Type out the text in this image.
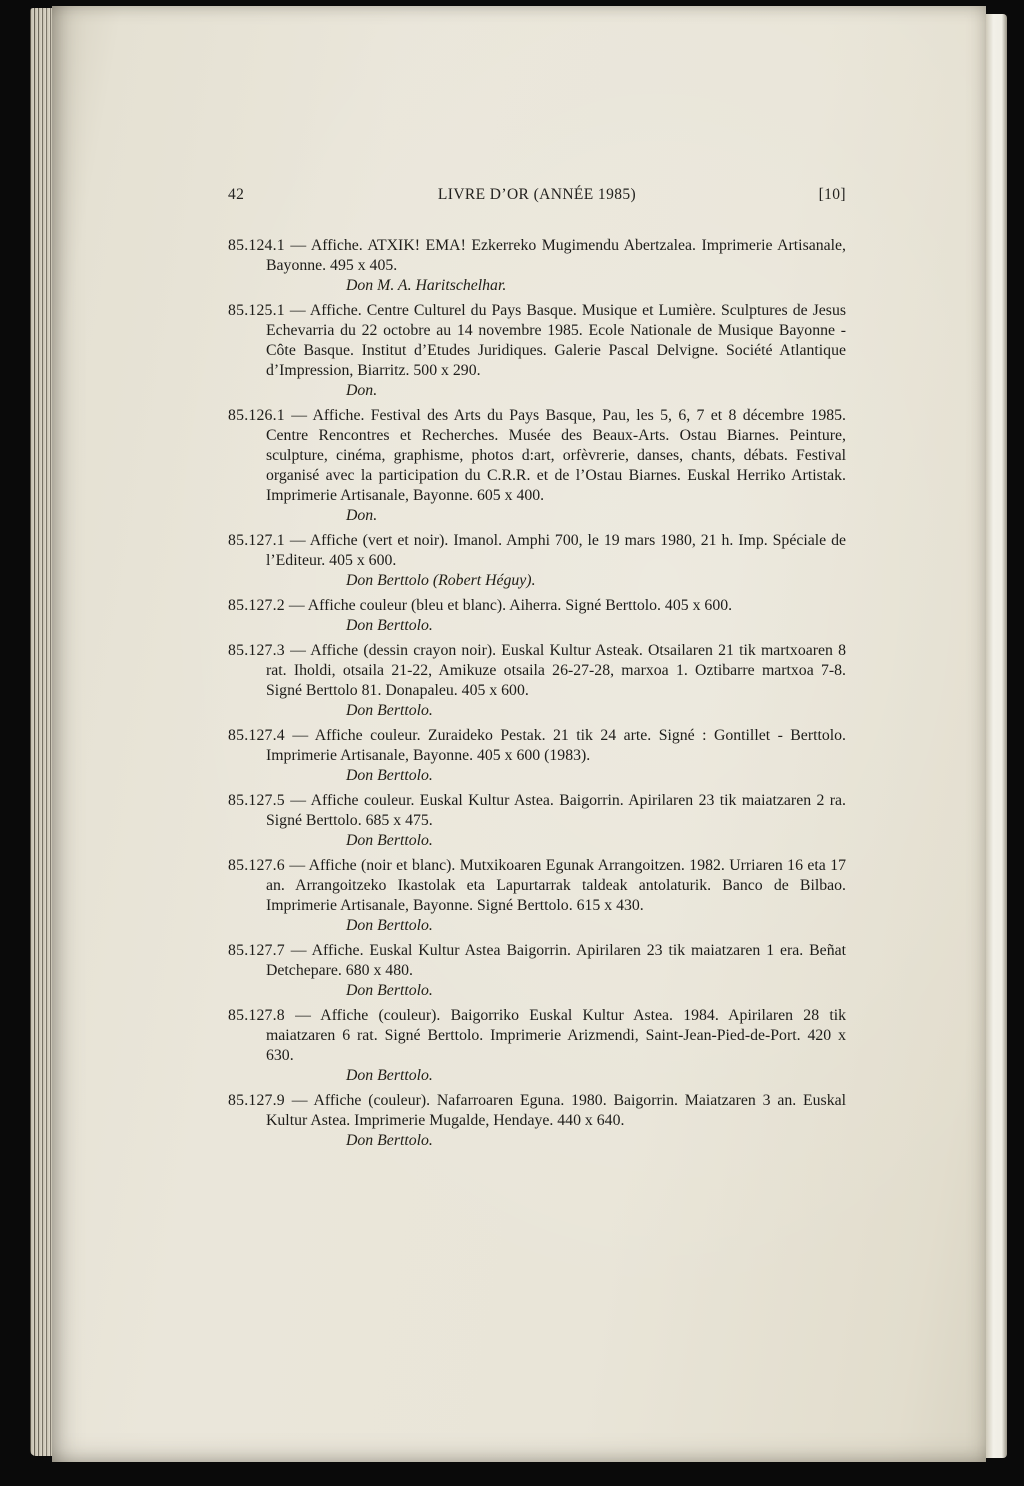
42	LIVRE D’OR (ANNÉE 1985)	[10]

85.124.1 — Affiche. ATXIK! EMA! Ezkerreko Mugimendu Abertzalea. Imprimerie Artisanale, Bayonne. 495 x 405.

Don M. A. Haritschelhar.

85.125.1 — Affiche. Centre Culturel du Pays Basque. Musique et Lumière. Sculptures de Jesus Echevarria du 22 octobre au 14 novembre 1985. Ecole Nationale de Musique Bayonne - Côte Basque. Institut d’Etudes Juridiques. Galerie Pascal Delvigne. Société Atlantique d’Impression, Biarritz. 500 x 290.

Don.

85.126.1 — Affiche. Festival des Arts du Pays Basque, Pau, les 5, 6, 7 et 8 décembre 1985. Centre Rencontres et Recherches. Musée des Beaux-Arts. Ostau Biarnes. Peinture, sculpture, cinéma, graphisme, photos d:art, orfèvrerie, danses, chants, débats. Festival organisé avec la participation du C.R.R. et de l’Ostau Biarnes. Euskal Herriko Artistak. Imprimerie Artisanale, Bayonne. 605 x 400.

Don.

85.127.1 — Affiche (vert et noir). Imanol. Amphi 700, le 19 mars 1980, 21 h. Imp. Spéciale de l’Editeur. 405 x 600.

Don Berttolo (Robert Héguy).

85.127.2 — Affiche couleur (bleu et blanc). Aiherra. Signé Berttolo. 405 x 600.

Don Berttolo.

85.127.3 — Affiche (dessin crayon noir). Euskal Kultur Asteak. Otsailaren 21 tik martxoaren 8 rat. Iholdi, otsaila 21-22, Amikuze otsaila 26-27-28, marxoa 1. Oztibarre martxoa 7-8. Signé Berttolo 81. Donapaleu. 405 x 600.

Don Berttolo.

85.127.4 — Affiche couleur. Zuraideko Pestak. 21 tik 24 arte. Signé : Gontillet - Berttolo. Imprimerie Artisanale, Bayonne. 405 x 600 (1983).

Don Berttolo.

85.127.5 — Affiche couleur. Euskal Kultur Astea. Baigorrin. Apirilaren 23 tik maiatzaren 2 ra. Signé Berttolo. 685 x 475.

Don Berttolo.

85.127.6 — Affiche (noir et blanc). Mutxikoaren Egunak Arrangoitzen. 1982. Urriaren 16 eta 17 an. Arrangoitzeko Ikastolak eta Lapurtarrak taldeak antolaturik. Banco de Bilbao. Imprimerie Artisanale, Bayonne. Signé Berttolo. 615 x 430.

Don Berttolo.

85.127.7 — Affiche. Euskal Kultur Astea Baigorrin. Apirilaren 23 tik maiatzaren 1 era. Beñat Detchepare. 680 x 480.

Don Berttolo.

85.127.8 — Affiche (couleur). Baigorriko Euskal Kultur Astea. 1984. Apirilaren 28 tik maiatzaren 6 rat. Signé Berttolo. Imprimerie Arizmendi, Saint-Jean-Pied-de-Port. 420 x 630.

Don Berttolo.

85.127.9 — Affiche (couleur). Nafarroaren Eguna. 1980. Baigorrin. Maiatzaren 3 an. Euskal Kultur Astea. Imprimerie Mugalde, Hendaye. 440 x 640.

Don Berttolo.
